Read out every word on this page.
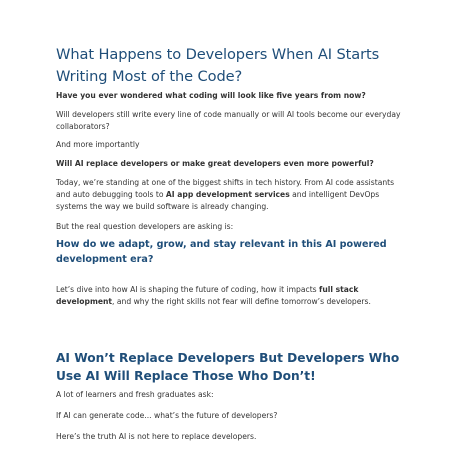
What Happens to Developers When AI Starts Writing Most of the Code?

Have you ever wondered what coding will look like five years from now?

Will developers still write every line of code manually or will AI tools become our everyday collaborators?

And more importantly

Will AI replace developers or make great developers even more powerful?

Today, we’re standing at one of the biggest shifts in tech history. From AI code assistants and auto debugging tools to AI app development services and intelligent DevOps systems the way we build software is already changing.

But the real question developers are asking is:

How do we adapt, grow, and stay relevant in this AI powered development era?

Let’s dive into how AI is shaping the future of coding, how it impacts full stack development, and why the right skills not fear will define tomorrow’s developers.

AI Won’t Replace Developers But Developers Who Use AI Will Replace Those Who Don’t!

A lot of learners and fresh graduates ask:

If AI can generate code... what’s the future of developers?

Here’s the truth AI is not here to replace developers.
